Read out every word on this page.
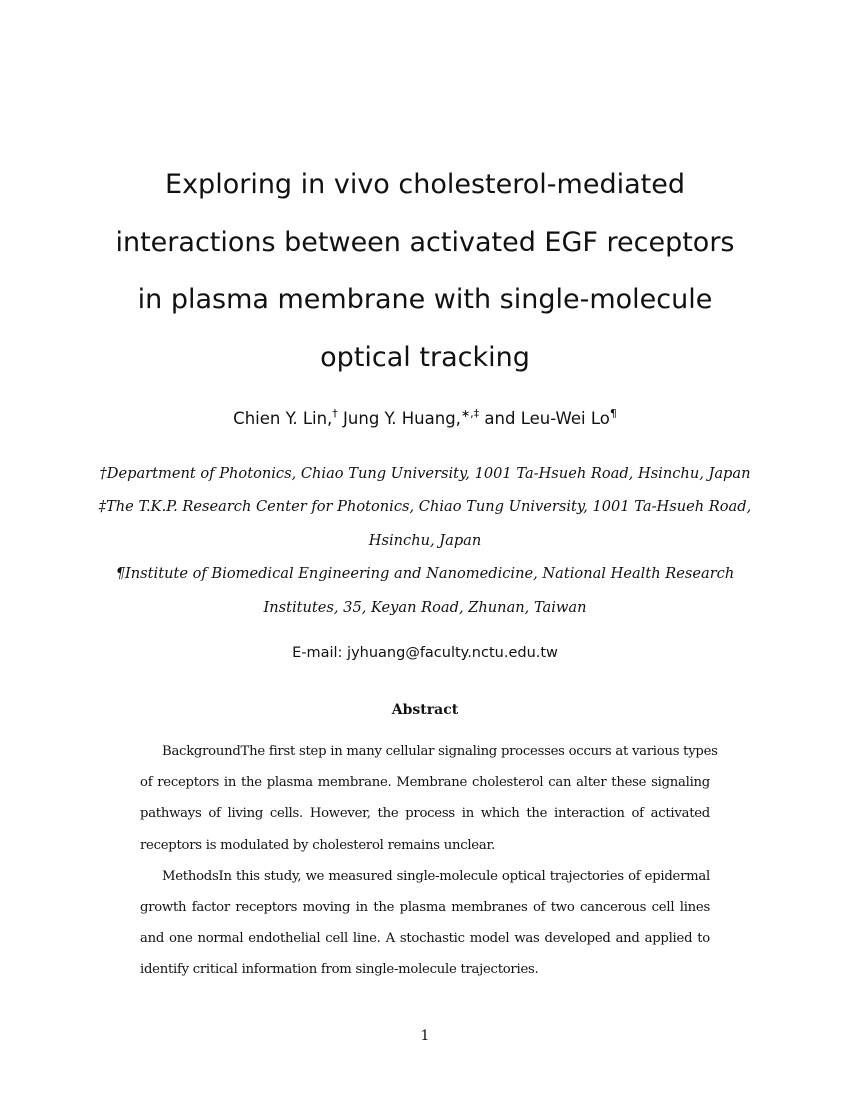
Exploring in vivo cholesterol-mediated
interactions between activated EGF receptors
in plasma membrane with single-molecule
optical tracking
Chien Y. Lin,† Jung Y. Huang,∗,‡ and Leu-Wei Lo¶
†Department of Photonics, Chiao Tung University, 1001 Ta-Hsueh Road, Hsinchu, Japan
‡The T.K.P. Research Center for Photonics, Chiao Tung University, 1001 Ta-Hsueh Road,
Hsinchu, Japan
¶Institute of Biomedical Engineering and Nanomedicine, National Health Research
Institutes, 35, Keyan Road, Zhunan, Taiwan
E-mail: jyhuang@faculty.nctu.edu.tw
Abstract
BackgroundThe first step in many cellular signaling processes occurs at various types
of receptors in the plasma membrane. Membrane cholesterol can alter these signaling
pathways of living cells. However, the process in which the interaction of activated
receptors is modulated by cholesterol remains unclear.
MethodsIn this study, we measured single-molecule optical trajectories of epidermal
growth factor receptors moving in the plasma membranes of two cancerous cell lines
and one normal endothelial cell line. A stochastic model was developed and applied to
identify critical information from single-molecule trajectories.
1
